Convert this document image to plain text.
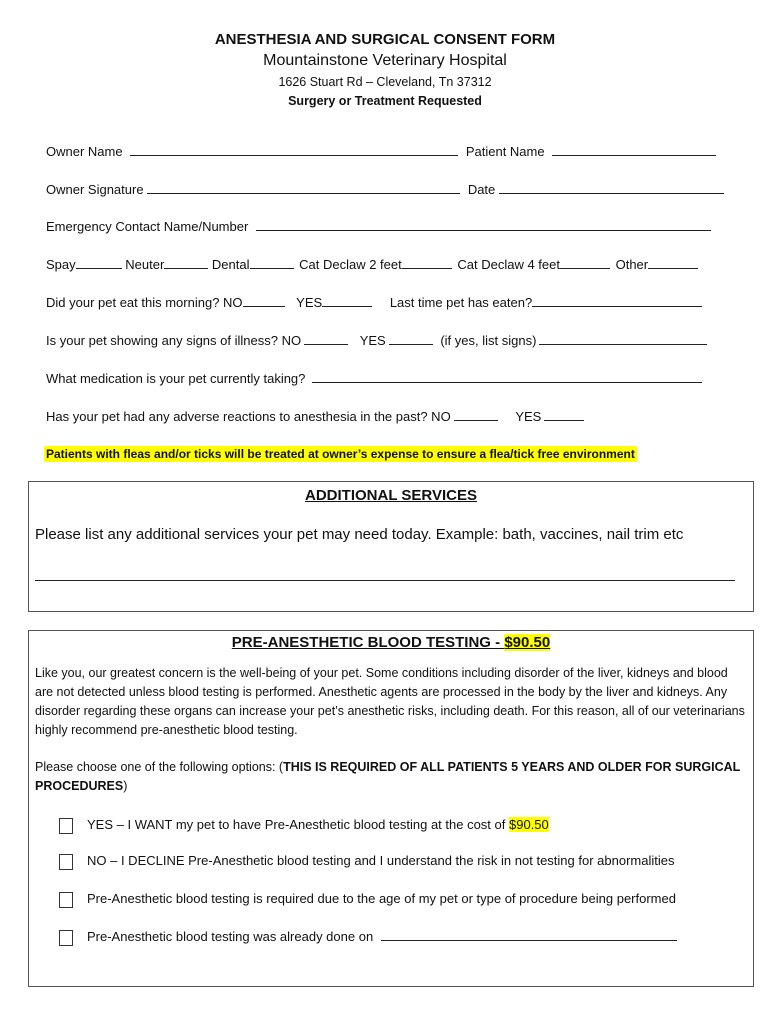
ANESTHESIA AND SURGICAL CONSENT FORM
Mountainstone Veterinary Hospital
1626 Stuart Rd – Cleveland, Tn 37312
Surgery or Treatment Requested
Owner Name	Patient Name
Owner Signature	Date
Emergency Contact Name/Number
Spay	Neuter	Dental	Cat Declaw 2 feet	Cat Declaw 4 feet	Other
Did your pet eat this morning? NO	YES	Last time pet has eaten?
Is your pet showing any signs of illness? NO	YES	(if yes, list signs)
What medication is your pet currently taking?
Has your pet had any adverse reactions to anesthesia in the past? NO	YES
Patients with fleas and/or ticks will be treated at owner’s expense to ensure a flea/tick free environment
ADDITIONAL SERVICES
Please list any additional services your pet may need today. Example: bath, vaccines, nail trim etc
PRE-ANESTHETIC BLOOD TESTING - $90.50
Like you, our greatest concern is the well-being of your pet. Some conditions including disorder of the liver, kidneys and blood are not detected unless blood testing is performed. Anesthetic agents are processed in the body by the liver and kidneys. Any disorder regarding these organs can increase your pet’s anesthetic risks, including death. For this reason, all of our veterinarians highly recommend pre-anesthetic blood testing.
Please choose one of the following options: (THIS IS REQUIRED OF ALL PATIENTS 5 YEARS AND OLDER FOR SURGICAL PROCEDURES)
YES – I WANT my pet to have Pre-Anesthetic blood testing at the cost of $90.50
NO – I DECLINE Pre-Anesthetic blood testing and I understand the risk in not testing for abnormalities
Pre-Anesthetic blood testing is required due to the age of my pet or type of procedure being performed
Pre-Anesthetic blood testing was already done on
